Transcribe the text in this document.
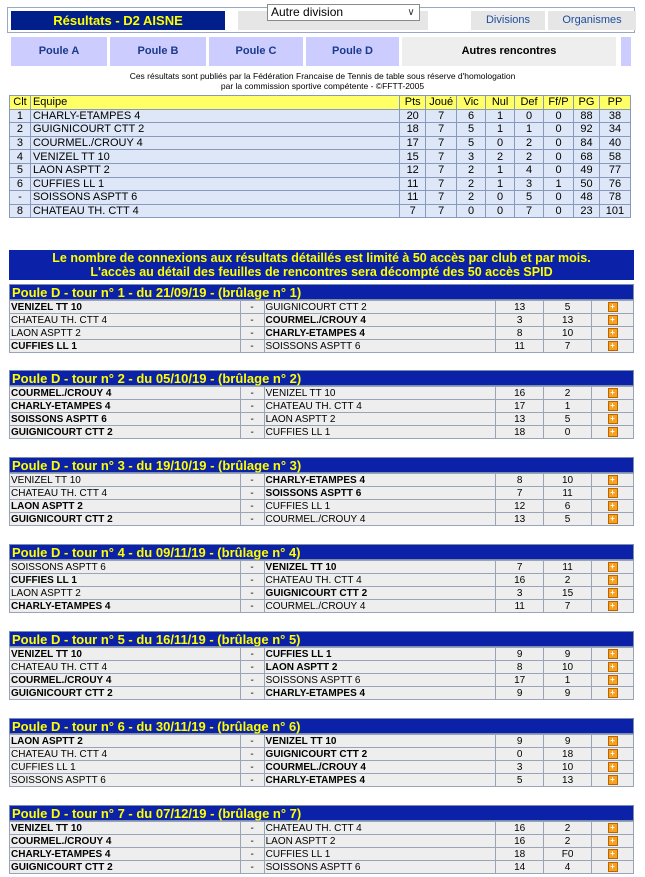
Résultats - D2 AISNE	Divisions	Organismes
Autre division	∨
Poule A	Poule B	Poule C	Poule D	Autres rencontres
Ces résultats sont publiés par la Fédération Francaise de Tennis de table sous réserve d'homologation
par la commission sportive compétente - ©FFTT-2005
Clt	Equipe	Pts	Joué	Vic	Nul	Def	Ff/P	PG	PP
1	CHARLY-ETAMPES 4	20	7	6	1	0	0	88	38
2	GUIGNICOURT CTT 2	18	7	5	1	1	0	92	34
3	COURMEL./CROUY 4	17	7	5	0	2	0	84	40
4	VENIZEL TT 10	15	7	3	2	2	0	68	58
5	LAON ASPTT 2	12	7	2	1	4	0	49	77
6	CUFFIES LL 1	11	7	2	1	3	1	50	76
-	SOISSONS ASPTT 6	11	7	2	0	5	0	48	78
8	CHATEAU TH. CTT 4	7	7	0	0	7	0	23	101
Le nombre de connexions aux résultats détaillés est limité à 50 accès par club et par mois.
L'accès au détail des feuilles de rencontres sera décompté des 50 accès SPID
Poule D - tour n° 1 - du 21/09/19 - (brûlage n° 1)
VENIZEL TT 10	-	GUIGNICOURT CTT 2	13	5	+
CHATEAU TH. CTT 4	-	COURMEL./CROUY 4	3	13	+
LAON ASPTT 2	-	CHARLY-ETAMPES 4	8	10	+
CUFFIES LL 1	-	SOISSONS ASPTT 6	11	7	+
Poule D - tour n° 2 - du 05/10/19 - (brûlage n° 2)
COURMEL./CROUY 4	-	VENIZEL TT 10	16	2	+
CHARLY-ETAMPES 4	-	CHATEAU TH. CTT 4	17	1	+
SOISSONS ASPTT 6	-	LAON ASPTT 2	13	5	+
GUIGNICOURT CTT 2	-	CUFFIES LL 1	18	0	+
Poule D - tour n° 3 - du 19/10/19 - (brûlage n° 3)
VENIZEL TT 10	-	CHARLY-ETAMPES 4	8	10	+
CHATEAU TH. CTT 4	-	SOISSONS ASPTT 6	7	11	+
LAON ASPTT 2	-	CUFFIES LL 1	12	6	+
GUIGNICOURT CTT 2	-	COURMEL./CROUY 4	13	5	+
Poule D - tour n° 4 - du 09/11/19 - (brûlage n° 4)
SOISSONS ASPTT 6	-	VENIZEL TT 10	7	11	+
CUFFIES LL 1	-	CHATEAU TH. CTT 4	16	2	+
LAON ASPTT 2	-	GUIGNICOURT CTT 2	3	15	+
CHARLY-ETAMPES 4	-	COURMEL./CROUY 4	11	7	+
Poule D - tour n° 5 - du 16/11/19 - (brûlage n° 5)
VENIZEL TT 10	-	CUFFIES LL 1	9	9	+
CHATEAU TH. CTT 4	-	LAON ASPTT 2	8	10	+
COURMEL./CROUY 4	-	SOISSONS ASPTT 6	17	1	+
GUIGNICOURT CTT 2	-	CHARLY-ETAMPES 4	9	9	+
Poule D - tour n° 6 - du 30/11/19 - (brûlage n° 6)
LAON ASPTT 2	-	VENIZEL TT 10	9	9	+
CHATEAU TH. CTT 4	-	GUIGNICOURT CTT 2	0	18	+
CUFFIES LL 1	-	COURMEL./CROUY 4	3	10	+
SOISSONS ASPTT 6	-	CHARLY-ETAMPES 4	5	13	+
Poule D - tour n° 7 - du 07/12/19 - (brûlage n° 7)
VENIZEL TT 10	-	CHATEAU TH. CTT 4	16	2	+
COURMEL./CROUY 4	-	LAON ASPTT 2	16	2	+
CHARLY-ETAMPES 4	-	CUFFIES LL 1	18	F0	+
GUIGNICOURT CTT 2	-	SOISSONS ASPTT 6	14	4	+
